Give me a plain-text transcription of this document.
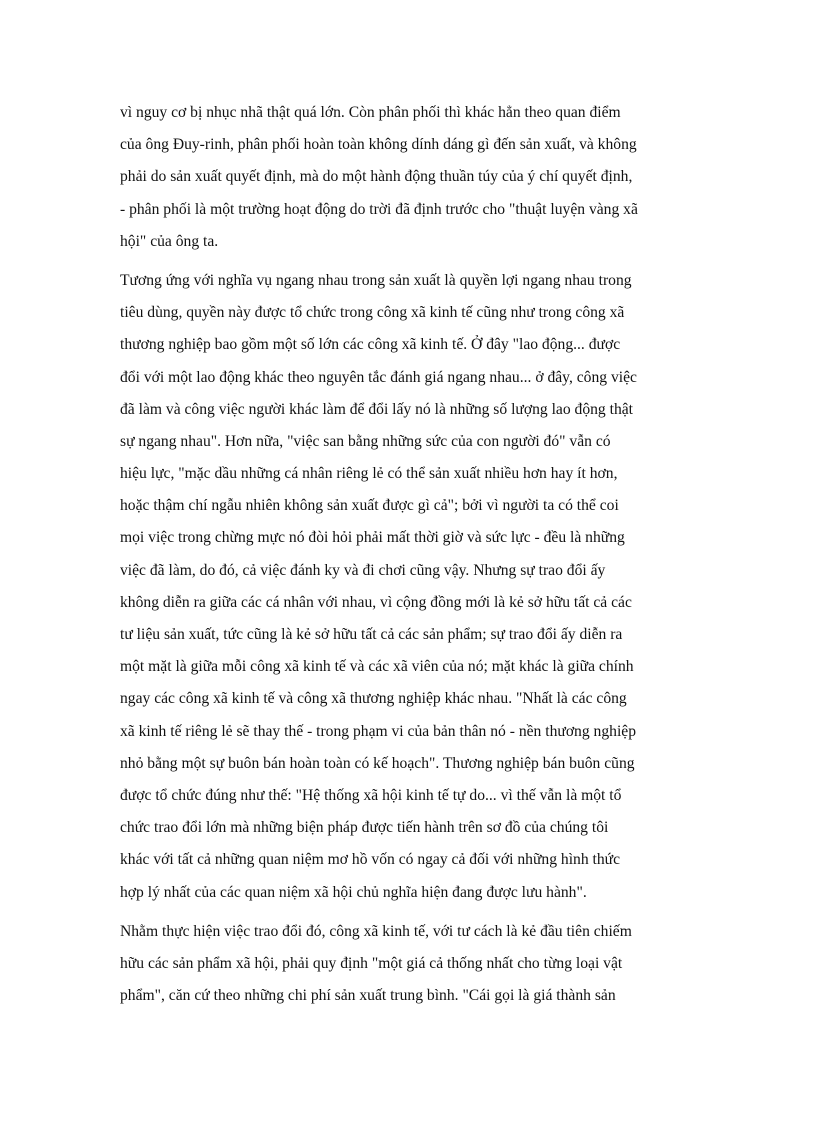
vì nguy cơ bị nhục nhã thật quá lớn. Còn phân phối thì khác hẳn theo quan điểm
của ông Đuy-rinh, phân phối hoàn toàn không dính dáng gì đến sản xuất, và không
phải do sản xuất quyết định, mà do một hành động thuần túy của ý chí quyết định,
- phân phối là một trường hoạt động do trời đã định trước cho "thuật luyện vàng xã
hội" của ông ta.

Tương ứng với nghĩa vụ ngang nhau trong sản xuất là quyền lợi ngang nhau trong
tiêu dùng, quyền này được tổ chức trong công xã kinh tế cũng như trong công xã
thương nghiệp bao gồm một số lớn các công xã kinh tế. Ở đây "lao động... được
đổi với một lao động khác theo nguyên tắc đánh giá ngang nhau... ở đây, công việc
đã làm và công việc người khác làm để đổi lấy nó là những số lượng lao động thật
sự ngang nhau". Hơn nữa, "việc san bằng những sức của con người đó" vẫn có
hiệu lực, "mặc dầu những cá nhân riêng lẻ có thể sản xuất nhiều hơn hay ít hơn,
hoặc thậm chí ngẫu nhiên không sản xuất được gì cả"; bởi vì người ta có thể coi
mọi việc trong chừng mực nó đòi hỏi phải mất thời giờ và sức lực - đều là những
việc đã làm, do đó, cả việc đánh ky và đi chơi cũng vậy. Nhưng sự trao đổi ấy
không diễn ra giữa các cá nhân với nhau, vì cộng đồng mới là kẻ sở hữu tất cả các
tư liệu sản xuất, tức cũng là kẻ sở hữu tất cả các sản phẩm; sự trao đổi ấy diễn ra
một mặt là giữa mỗi công xã kinh tế và các xã viên của nó; mặt khác là giữa chính
ngay các công xã kinh tế và công xã thương nghiệp khác nhau. "Nhất là các công
xã kinh tế riêng lẻ sẽ thay thế - trong phạm vi của bản thân nó - nền thương nghiệp
nhỏ bằng một sự buôn bán hoàn toàn có kế hoạch". Thương nghiệp bán buôn cũng
được tổ chức đúng như thế: "Hệ thống xã hội kinh tế tự do... vì thế vẫn là một tổ
chức trao đổi lớn mà những biện pháp được tiến hành trên sơ đồ của chúng tôi
khác với tất cả những quan niệm mơ hồ vốn có ngay cả đối với những hình thức
hợp lý nhất của các quan niệm xã hội chủ nghĩa hiện đang được lưu hành".

Nhằm thực hiện việc trao đổi đó, công xã kinh tế, với tư cách là kẻ đầu tiên chiếm
hữu các sản phẩm xã hội, phải quy định "một giá cả thống nhất cho từng loại vật
phẩm", căn cứ theo những chi phí sản xuất trung bình. "Cái gọi là giá thành sản
